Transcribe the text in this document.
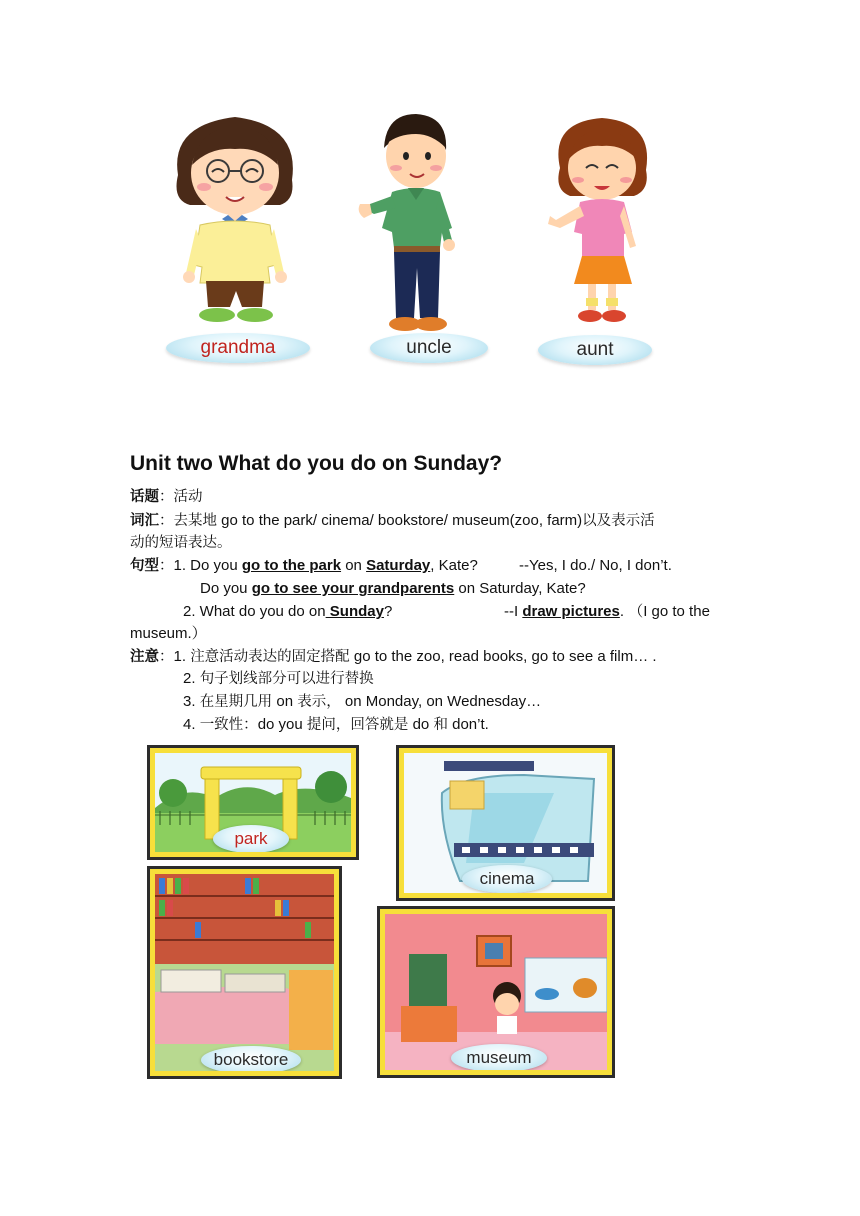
grandma	uncle	aunt
Unit two What do you do on Sunday?
话题：活动
词汇：去某地 go to the park/ cinema/ bookstore/ museum(zoo, farm)以及表示活
动的短语表达。
句型：1. Do you go to the park on Saturday, Kate?	--Yes, I do./ No, I don’t.
Do you go to see your grandparents on Saturday, Kate?
2. What do you do on Sunday?	--I draw pictures. （I go to the
museum.）
注意：1. 注意活动表达的固定搭配 go to the zoo, read books, go to see a film… .
2. 句子划线部分可以进行替换
3. 在星期几用 on 表示， on Monday, on Wednesday…
4. 一致性：do you 提问，回答就是 do 和 don’t.
park
cinema
bookstore	museum
